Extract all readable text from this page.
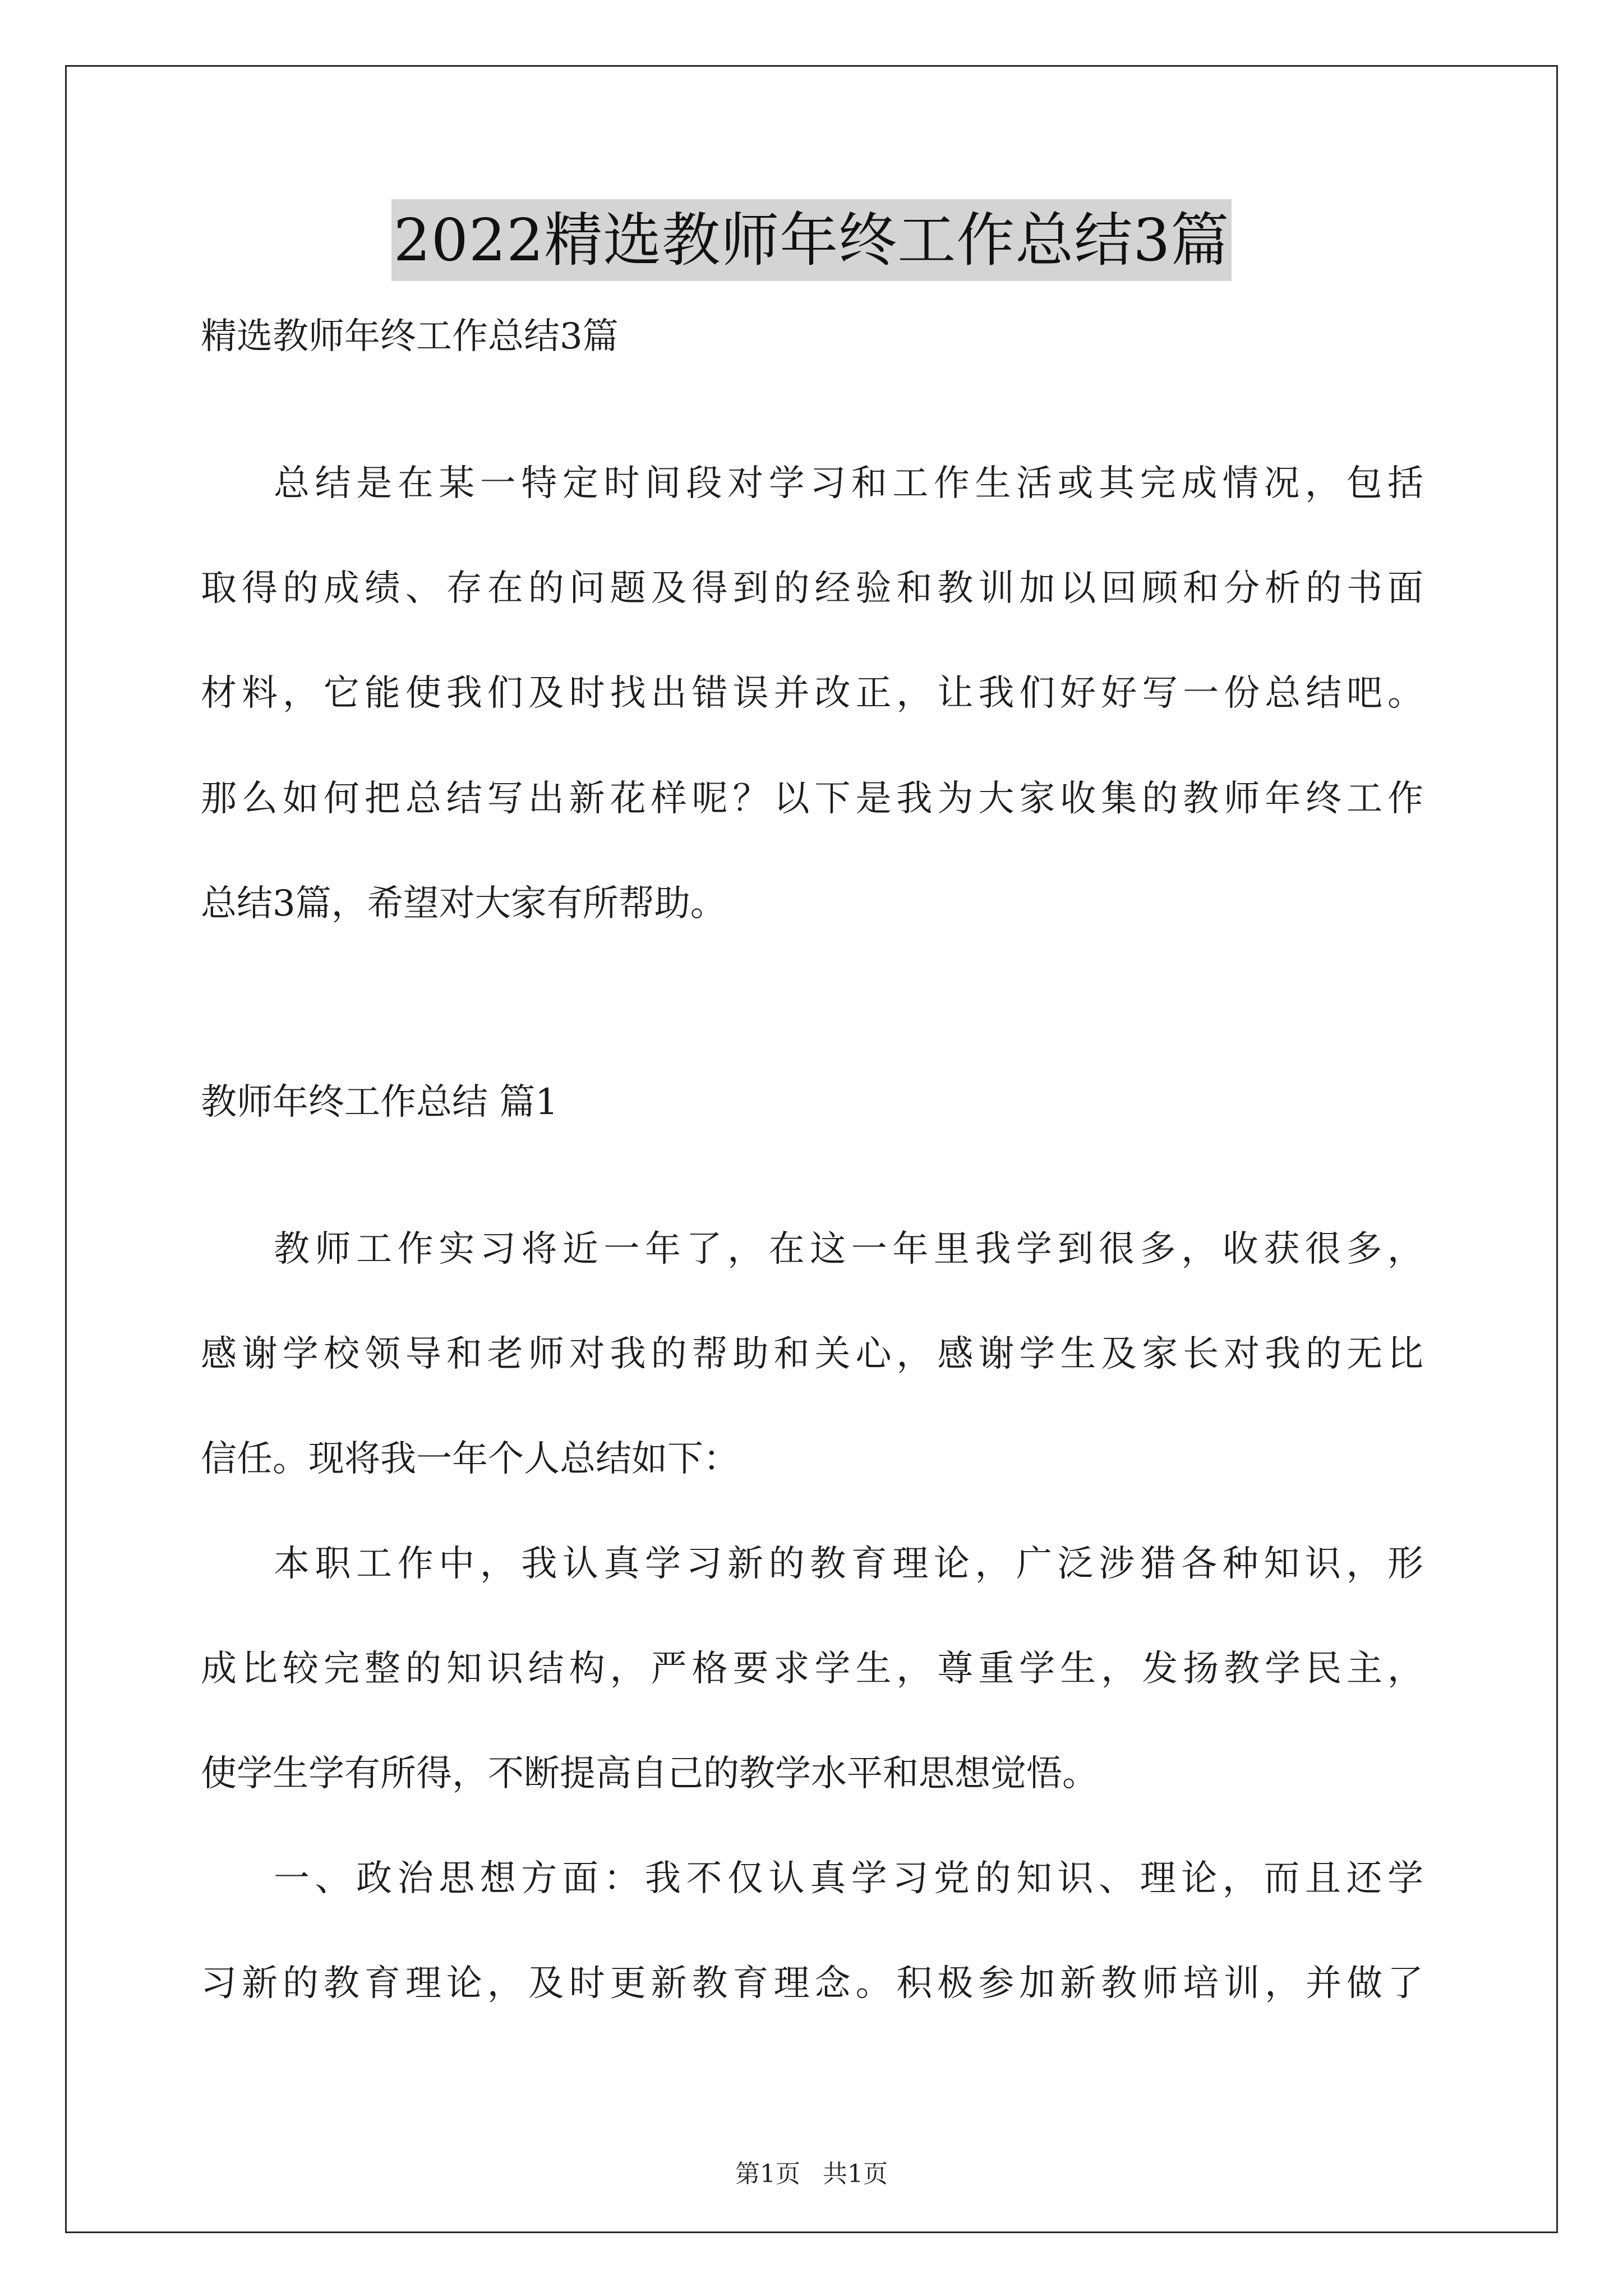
2022精选教师年终工作总结3篇
精选教师年终工作总结3篇
总结是在某一特定时间段对学习和工作生活或其完成情况，包括
取得的成绩、存在的问题及得到的经验和教训加以回顾和分析的书面
材料，它能使我们及时找出错误并改正，让我们好好写一份总结吧。
那么如何把总结写出新花样呢？以下是我为大家收集的教师年终工作
总结3篇，希望对大家有所帮助。
教师年终工作总结 篇1
教师工作实习将近一年了，在这一年里我学到很多，收获很多，
感谢学校领导和老师对我的帮助和关心，感谢学生及家长对我的无比
信任。现将我一年个人总结如下：
本职工作中，我认真学习新的教育理论，广泛涉猎各种知识，形
成比较完整的知识结构，严格要求学生，尊重学生，发扬教学民主，
使学生学有所得，不断提高自己的教学水平和思想觉悟。
一、政治思想方面：我不仅认真学习党的知识、理论，而且还学
习新的教育理论，及时更新教育理念。积极参加新教师培训，并做了
第1页 共1页
